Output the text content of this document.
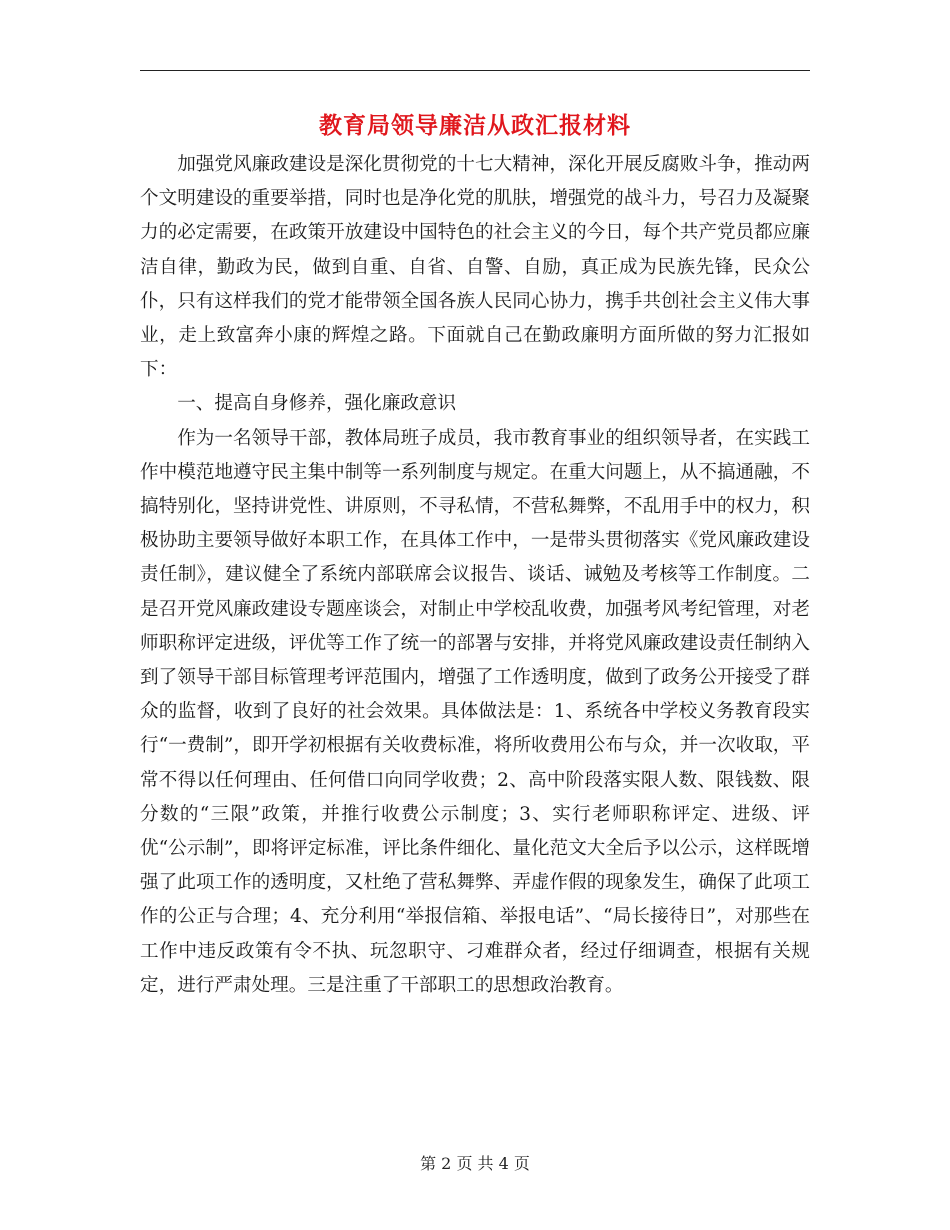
教育局领导廉洁从政汇报材料

加强党风廉政建设是深化贯彻党的十七大精神，深化开展反腐败斗争，推动两个文明建设的重要举措，同时也是净化党的肌肤，增强党的战斗力，号召力及凝聚力的必定需要，在政策开放建设中国特色的社会主义的今日，每个共产党员都应廉洁自律，勤政为民，做到自重、自省、自警、自励，真正成为民族先锋，民众公仆，只有这样我们的党才能带领全国各族人民同心协力，携手共创社会主义伟大事业，走上致富奔小康的辉煌之路。下面就自己在勤政廉明方面所做的努力汇报如下：

一、提高自身修养，强化廉政意识

作为一名领导干部，教体局班子成员，我市教育事业的组织领导者，在实践工作中模范地遵守民主集中制等一系列制度与规定。在重大问题上，从不搞通融，不搞特别化，坚持讲党性、讲原则，不寻私情，不营私舞弊，不乱用手中的权力，积极协助主要领导做好本职工作，在具体工作中，一是带头贯彻落实《党风廉政建设责任制》，建议健全了系统内部联席会议报告、谈话、诫勉及考核等工作制度。二是召开党风廉政建设专题座谈会，对制止中学校乱收费，加强考风考纪管理，对老师职称评定进级，评优等工作了统一的部署与安排，并将党风廉政建设责任制纳入到了领导干部目标管理考评范围内，增强了工作透明度，做到了政务公开接受了群众的监督，收到了良好的社会效果。具体做法是：1、系统各中学校义务教育段实行“一费制”，即开学初根据有关收费标准，将所收费用公布与众，并一次收取，平常不得以任何理由、任何借口向同学收费；2、高中阶段落实限人数、限钱数、限分数的“三限”政策，并推行收费公示制度；3、实行老师职称评定、进级、评优“公示制”，即将评定标准，评比条件细化、量化范文大全后予以公示，这样既增强了此项工作的透明度，又杜绝了营私舞弊、弄虚作假的现象发生，确保了此项工作的公正与合理；4、充分利用“举报信箱、举报电话”、“局长接待日”，对那些在工作中违反政策有令不执、玩忽职守、刁难群众者，经过仔细调查，根据有关规定，进行严肃处理。三是注重了干部职工的思想政治教育。

第 2 页 共 4 页
